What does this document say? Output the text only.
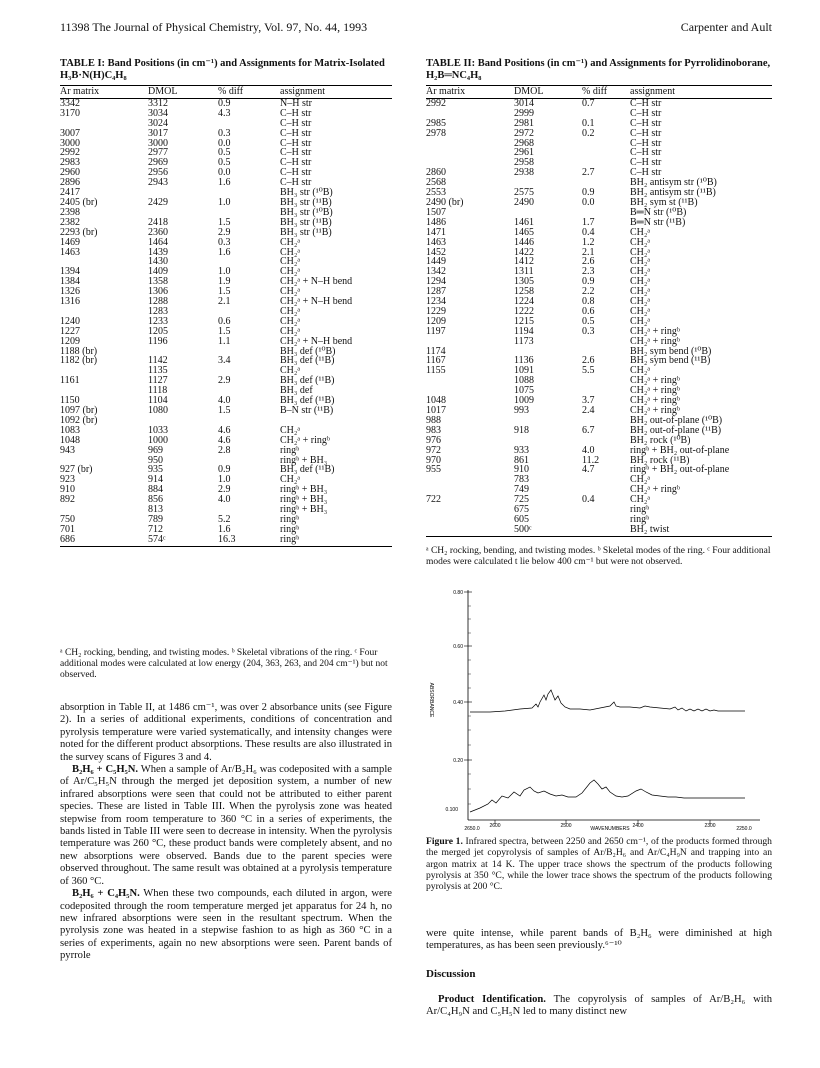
11398 The Journal of Physical Chemistry, Vol. 97, No. 44, 1993	Carpenter and Ault
TABLE I: Band Positions (in cm⁻¹) and Assignments for Matrix-Isolated H₃B·N(H)C₄H₈
Ar matrix	DMOL	% diff	assignment
3342	3312	0.9	N–H str
3170	3034	4.3	C–H str
	3024		C–H str
3007	3017	0.3	C–H str
3000	3000	0.0	C–H str
2992	2977	0.5	C–H str
2983	2969	0.5	C–H str
2960	2956	0.0	C–H str
2896	2943	1.6	C–H str
2417			BH₃ str (¹⁰B)
2405 (br)	2429	1.0	BH₃ str (¹¹B)
2398			BH₃ str (¹⁰B)
2382	2418	1.5	BH₃ str (¹¹B)
2293 (br)	2360	2.9	BH₃ str (¹¹B)
1469	1464	0.3	CH₂ᵃ
1463	1439	1.6	CH₂ᵃ
	1430		CH₂ᵃ
1394	1409	1.0	CH₂ᵃ
1384	1358	1.9	CH₂ᵃ + N–H bend
1326	1306	1.5	CH₂ᵃ
1316	1288	2.1	CH₂ᵃ + N–H bend
	1283		CH₂ᵃ
1240	1233	0.6	CH₂ᵃ
1227	1205	1.5	CH₂ᵃ
1209	1196	1.1	CH₂ᵃ + N–H bend
1188 (br)			BH₃ def (¹⁰B)
1182 (br)	1142	3.4	BH₃ def (¹¹B)
	1135		CH₂ᵃ
1161	1127	2.9	BH₃ def (¹¹B)
	1118		BH₃ def
1150	1104	4.0	BH₃ def (¹¹B)
1097 (br)	1080	1.5	B–N str (¹¹B)
1092 (br)			
1083	1033	4.6	CH₂ᵃ
1048	1000	4.6	CH₂ᵃ + ringᵇ
943	969	2.8	ringᵇ
	950		ringᵇ + BH₃
927 (br)	935	0.9	BH₃ def (¹¹B)
923	914	1.0	CH₂ᵃ
910	884	2.9	ringᵇ + BH₃
892	856	4.0	ringᵇ + BH₃
	813		ringᵇ + BH₃
750	789	5.2	ringᵇ
701	712	1.6	ringᵇ
686	574ᶜ	16.3	ringᵇ
ᵃ CH₂ rocking, bending, and twisting modes. ᵇ Skeletal vibrations of the ring. ᶜ Four additional modes were calculated at low energy (204, 363, 263, and 204 cm⁻¹) but not observed.

absorption in Table II, at 1486 cm⁻¹, was over 2 absorbance units (see Figure 2). In a series of additional experiments, conditions of concentration and pyrolysis temperature were varied systematically, and intensity changes were noted for the different product absorptions. These results are also illustrated in the survey scans of Figures 3 and 4.

B₂H₆ + C₅H₅N. When a sample of Ar/B₂H₆ was codeposited with a sample of Ar/C₅H₅N through the merged jet deposition system, a number of new infrared absorptions were seen that could not be attributed to either parent species. These are listed in Table III. When the pyrolysis zone was heated stepwise from room temperature to 360 °C in a series of experiments, the bands listed in Table III were seen to decrease in intensity. When the pyrolysis temperature was 260 °C, these product bands were completely absent, and no new absorptions were observed. Bands due to the parent species were observed throughout. The same result was obtained at a pyrolysis temperature of 360 °C.

B₂H₆ + C₄H₅N. When these two compounds, each diluted in argon, were codeposited through the room temperature merged jet apparatus for 24 h, no new infrared absorptions were seen in the resultant spectrum. When the pyrolysis zone was heated in a stepwise fashion to as high as 360 °C in a series of experiments, again no new absorptions were seen. Parent bands of pyrrole

TABLE II: Band Positions (in cm⁻¹) and Assignments for Pyrrolidinoborane, H₂B═NC₄H₈
Ar matrix	DMOL	% diff	assignment
2992	3014	0.7	C–H str
	2999		C–H str
2985	2981	0.1	C–H str
2978	2972	0.2	C–H str
	2968		C–H str
	2961		C–H str
	2958		C–H str
2860	2938	2.7	C–H str
2568			BH₂ antisym str (¹⁰B)
2553	2575	0.9	BH₂ antisym str (¹¹B)
2490 (br)	2490	0.0	BH₂ sym st (¹¹B)
1507			B═N str (¹⁰B)
1486	1461	1.7	B═N str (¹¹B)
1471	1465	0.4	CH₂ᵃ
1463	1446	1.2	CH₂ᵃ
1452	1422	2.1	CH₂ᵃ
1449	1412	2.6	CH₂ᵃ
1342	1311	2.3	CH₂ᵃ
1294	1305	0.9	CH₂ᵃ
1287	1258	2.2	CH₂ᵃ
1234	1224	0.8	CH₂ᵃ
1229	1222	0.6	CH₂ᵃ
1209	1215	0.5	CH₂ᵃ
1197	1194	0.3	CH₂ᵃ + ringᵇ
	1173		CH₂ᵃ + ringᵇ
1174			BH₂ sym bend (¹⁰B)
1167	1136	2.6	BH₂ sym bend (¹¹B)
1155	1091	5.5	CH₂ᵃ
	1088		CH₂ᵃ + ringᵇ
	1075		CH₂ᵃ + ringᵇ
1048	1009	3.7	CH₂ᵃ + ringᵇ
1017	993	2.4	CH₂ᵃ + ringᵇ
988			BH₂ out-of-plane (¹⁰B)
983	918	6.7	BH₂ out-of-plane (¹¹B)
976			BH₂ rock (¹⁰B)
972	933	4.0	ringᵇ + BH₂ out-of-plane
970	861	11.2	BH₂ rock (¹¹B)
955	910	4.7	ringᵇ + BH₂ out-of-plane
	783		CH₂ᵃ
	749		CH₂ᵃ + ringᵇ
722	725	0.4	CH₂ᵃ
	675		ringᵇ
	605		ringᵇ
	500ᶜ		BH₂ twist
ᵃ CH₂ rocking, bending, and twisting modes. ᵇ Skeletal modes of the ring. ᶜ Four additional modes were calculated t lie below 400 cm⁻¹ but were not observed.
ABSORBANCE
0.80
0.60
0.40
0.20
0.100
2650.0 2600	2500	2400	2300	2250.0
WAVENUMBERS
Figure 1. Infrared spectra, between 2250 and 2650 cm⁻¹, of the products formed through the merged jet copyrolysis of samples of Ar/B₂H₆ and Ar/C₄H₉N and trapping into an argon matrix at 14 K. The upper trace shows the spectrum of the products following pyrolysis at 350 °C, while the lower trace shows the spectrum of the products following pyrolysis at 200 °C.

were quite intense, while parent bands of B₂H₆ were diminished at high temperatures, as has been seen previously.⁶⁻¹⁰

Discussion

Product Identification. The copyrolysis of samples of Ar/B₂H₆ with Ar/C₄H₉N and C₅H₅N led to many distinct new
